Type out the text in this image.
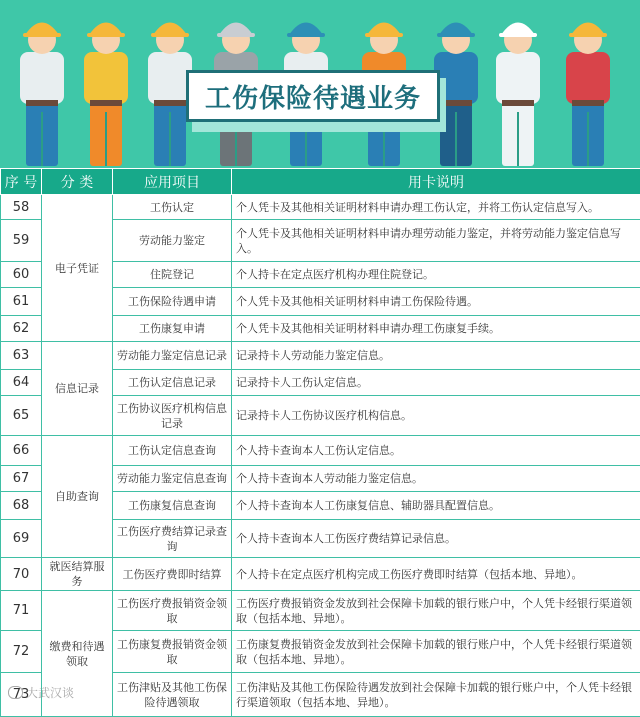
工伤保险待遇业务
序 号	分 类	应用项目	用卡说明
58	电子凭证	工伤认定	个人凭卡及其他相关证明材料申请办理工伤认定，并将工伤认定信息写入。
59		劳动能力鉴定	个人凭卡及其他相关证明材料申请办理劳动能力鉴定，并将劳动能力鉴定信息写入。
60		住院登记	个人持卡在定点医疗机构办理住院登记。
61		工伤保险待遇申请	个人凭卡及其他相关证明材料申请工伤保险待遇。
62		工伤康复申请	个人凭卡及其他相关证明材料申请办理工伤康复手续。
63	信息记录	劳动能力鉴定信息记录	记录持卡人劳动能力鉴定信息。
64		工伤认定信息记录	记录持卡人工伤认定信息。
65		工伤协议医疗机构信息记录	记录持卡人工伤协议医疗机构信息。
66	自助查询	工伤认定信息查询	个人持卡查询本人工伤认定信息。
67		劳动能力鉴定信息查询	个人持卡查询本人劳动能力鉴定信息。
68		工伤康复信息查询	个人持卡查询本人工伤康复信息、辅助器具配置信息。
69		工伤医疗费结算记录查询	个人持卡查询本人工伤医疗费结算记录信息。
70	就医结算服务	工伤医疗费即时结算	个人持卡在定点医疗机构完成工伤医疗费即时结算（包括本地、异地）。
71	缴费和待遇领取	工伤医疗费报销资金领取	工伤医疗费报销资金发放到社会保障卡加载的银行账户中，个人凭卡经银行渠道领取（包括本地、异地）。
72		工伤康复费报销资金领取	工伤康复费报销资金发放到社会保障卡加载的银行账户中，个人凭卡经银行渠道领取（包括本地、异地）。
73		工伤津贴及其他工伤保险待遇领取	工伤津贴及其他工伤保险待遇发放到社会保障卡加载的银行账户中，个人凭卡经银行渠道领取（包括本地、异地）。
大武汉谈
